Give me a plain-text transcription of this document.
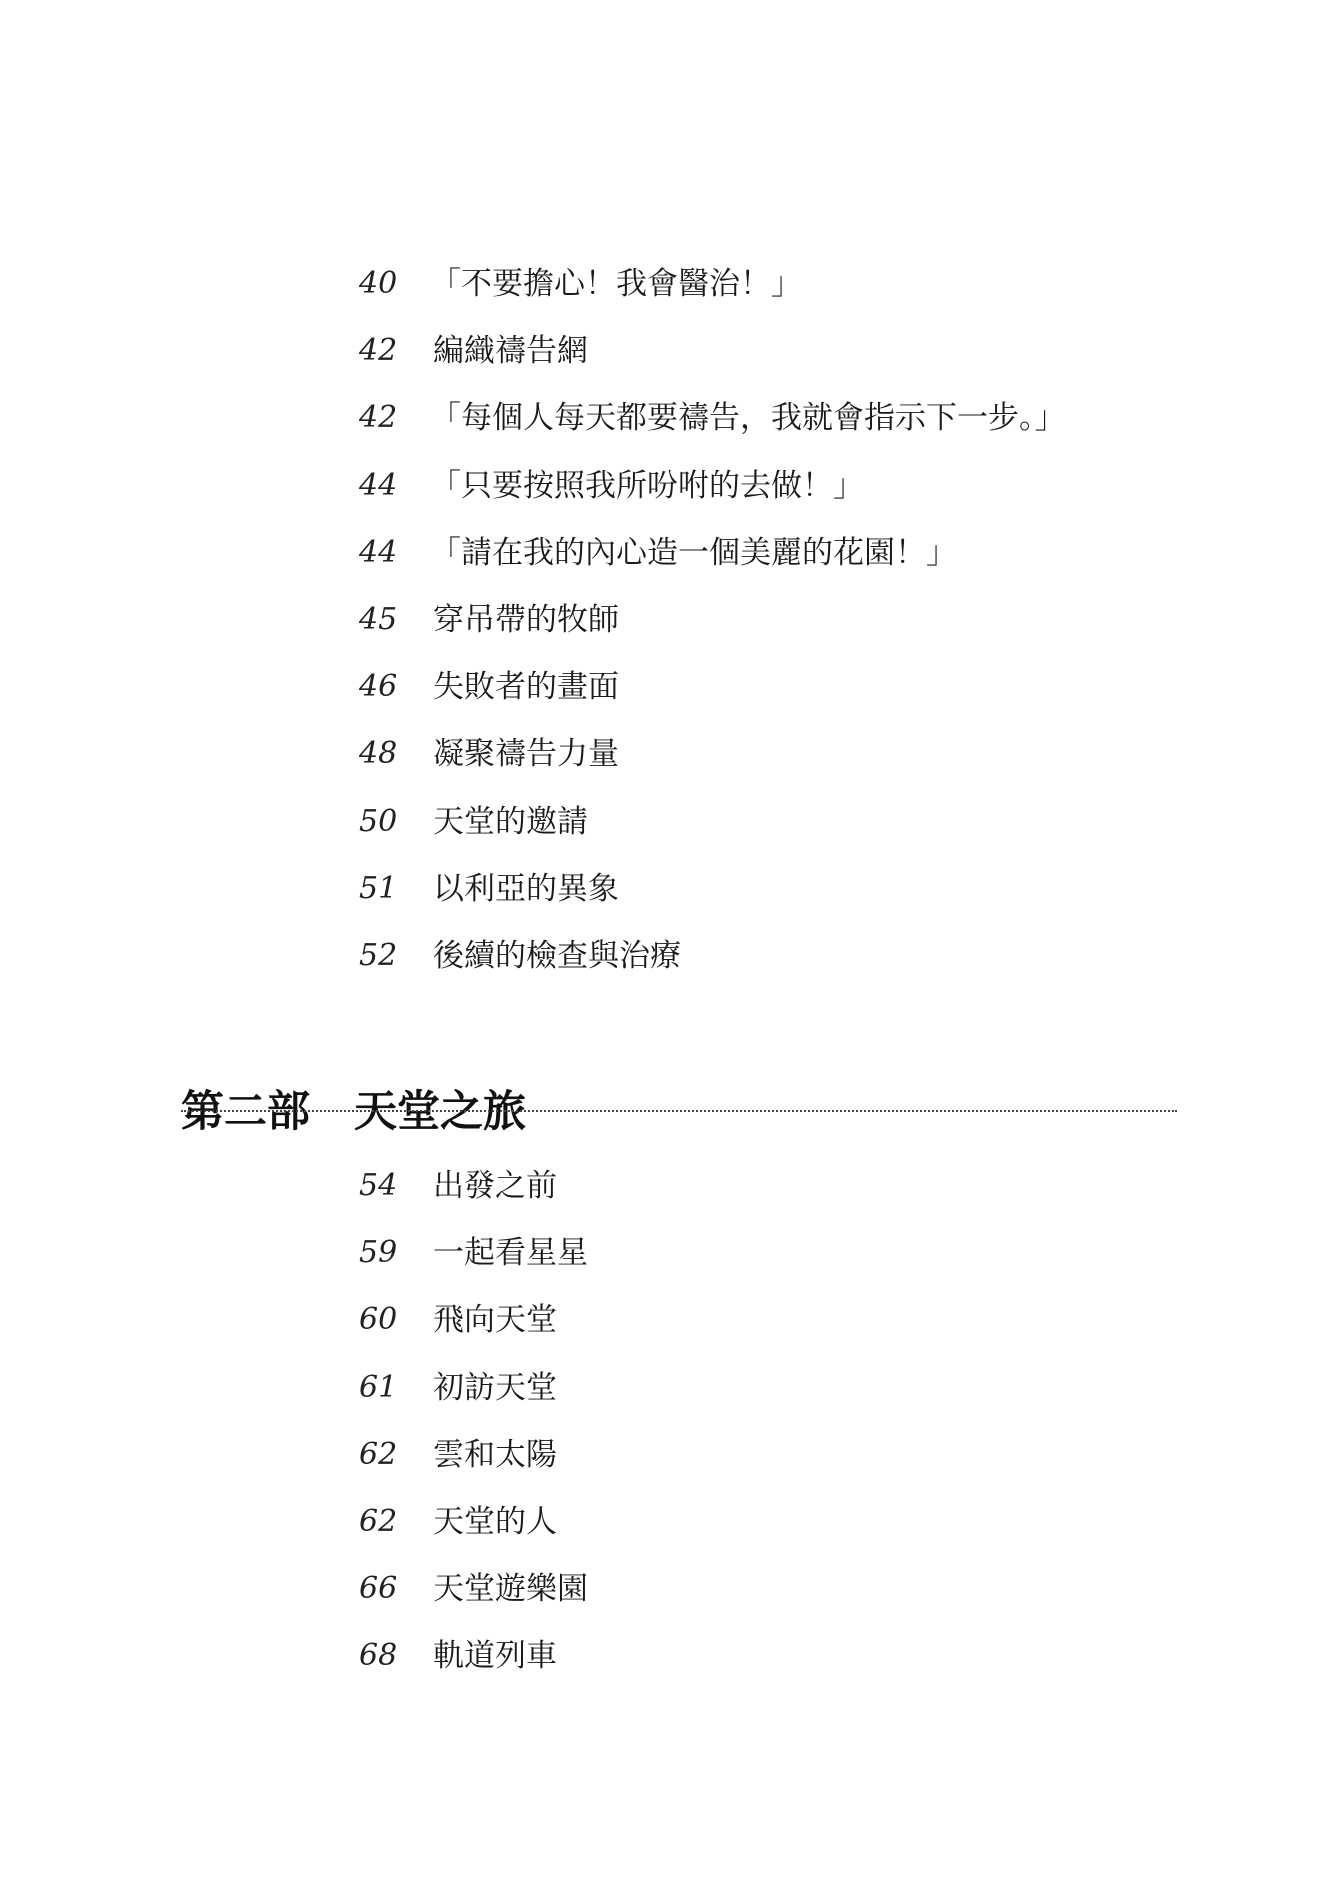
40 「不要擔心！我會醫治！」
42 編織禱告網
42 「每個人每天都要禱告，我就會指示下一步。」
44 「只要按照我所吩咐的去做！」
44 「請在我的內心造一個美麗的花園！」
45 穿吊帶的牧師
46 失敗者的畫面
48 凝聚禱告力量
50 天堂的邀請
51 以利亞的異象
52 後續的檢查與治療
第二部 天堂之旅
54 出發之前
59 一起看星星
60 飛向天堂
61 初訪天堂
62 雲和太陽
62 天堂的人
66 天堂遊樂園
68 軌道列車
